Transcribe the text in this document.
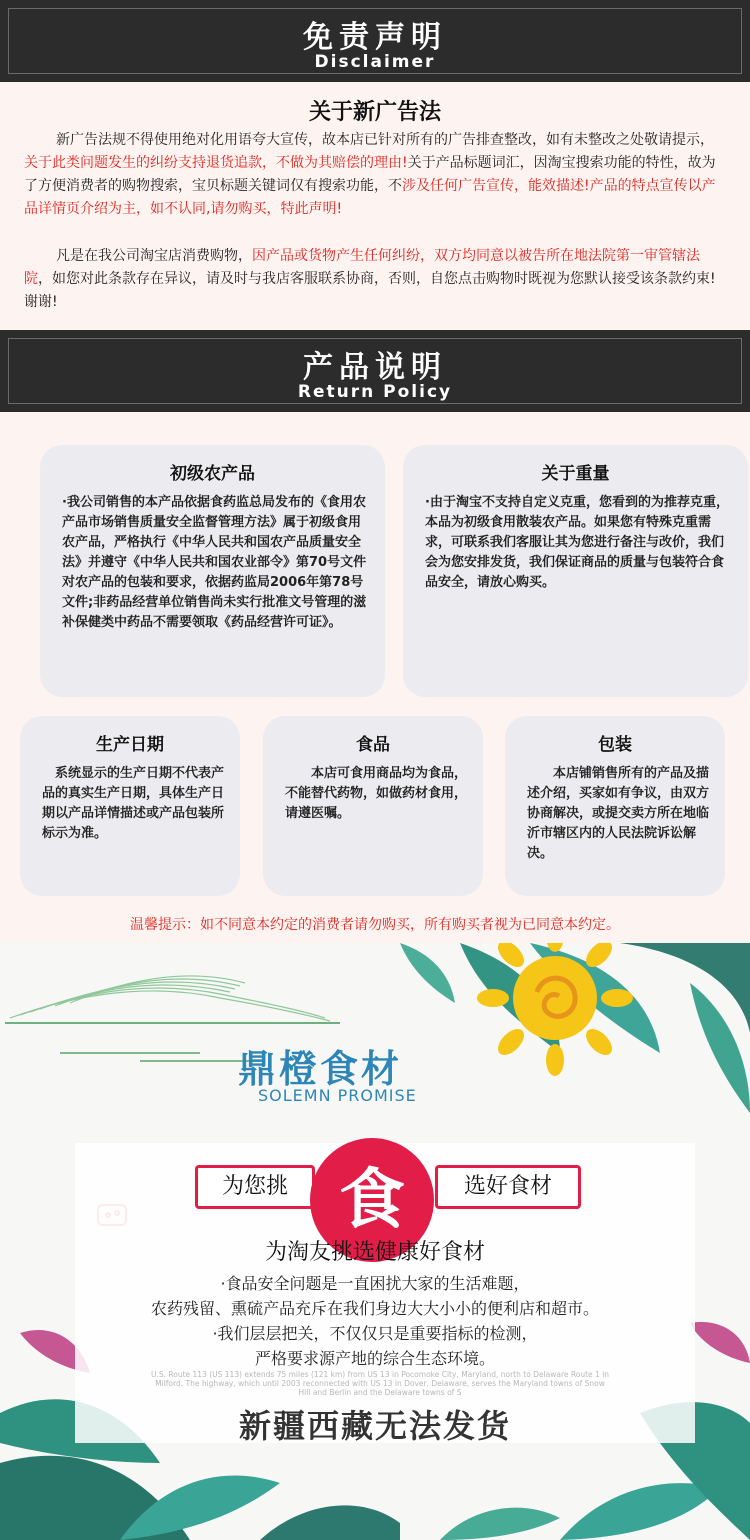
免责声明
Disclaimer
关于新广告法
新广告法规不得使用绝对化用语夸大宣传，故本店已针对所有的广告排查整改，如有未整改之处敬请提示，关于此类问题发生的纠纷支持退货追款，不做为其赔偿的理由!关于产品标题词汇，因淘宝搜索功能的特性，故为了方便消费者的购物搜索，宝贝标题关键词仅有搜索功能，不涉及任何广告宣传，能效描述!产品的特点宣传以产品详情页介绍为主，如不认同,请勿购买，特此声明!
凡是在我公司淘宝店消费购物，因产品或货物产生任何纠纷，双方均同意以被告所在地法院第一审管辖法院，如您对此条款存在异议，请及时与我店客服联系协商，否则，自您点击购物时既视为您默认接受该条款约束!谢谢!
产品说明
Return Policy
初级农产品
·我公司销售的本产品依据食药监总局发布的《食用农产品市场销售质量安全监督管理方法》属于初级食用农产品，严格执行《中华人民共和国农产品质量安全法》并遵守《中华人民共和国农业部令》第70号文件对农产品的包装和要求，依据药监局2006年第78号文件;非药品经营单位销售尚未实行批准文号管理的滋补保健类中药品不需要领取《药品经营许可证》。
关于重量
·由于淘宝不支持自定义克重，您看到的为推荐克重，本品为初级食用散装农产品。如果您有特殊克重需求，可联系我们客服让其为您进行备注与改价，我们会为您安排发货，我们保证商品的质量与包装符合食品安全，请放心购买。
生产日期
　系统显示的生产日期不代表产品的真实生产日期，具体生产日期以产品详情描述或产品包装所标示为准。
食品
　　本店可食用商品均为食品，不能替代药物，如做药材食用，请遵医嘱。
包装
　　本店铺销售所有的产品及描述介绍，买家如有争议，由双方协商解决，或提交卖方所在地临沂市辖区内的人民法院诉讼解决。
温馨提示：如不同意本约定的消费者请勿购买，所有购买者视为已同意本约定。
鼎橙食材
SOLEMN PROMISE
为您挑	选好食材
食
为淘友挑选健康好食材
·食品安全问题是一直困扰大家的生活难题，
农药残留、熏硫产品充斥在我们身边大大小小的便利店和超市。
·我们层层把关，不仅仅只是重要指标的检测，
严格要求源产地的综合生态环境。
U.S. Route 113 (US 113) extends 75 miles (121 km) from US 13 in Pocomoke City, Maryland, north to Delaware Route 1 in Milford. The highway, which until 2003 reconnected with US 13 in Dover, Delaware, serves the Maryland towns of Snow Hill and Berlin and the Delaware towns of S
新疆西藏无法发货
